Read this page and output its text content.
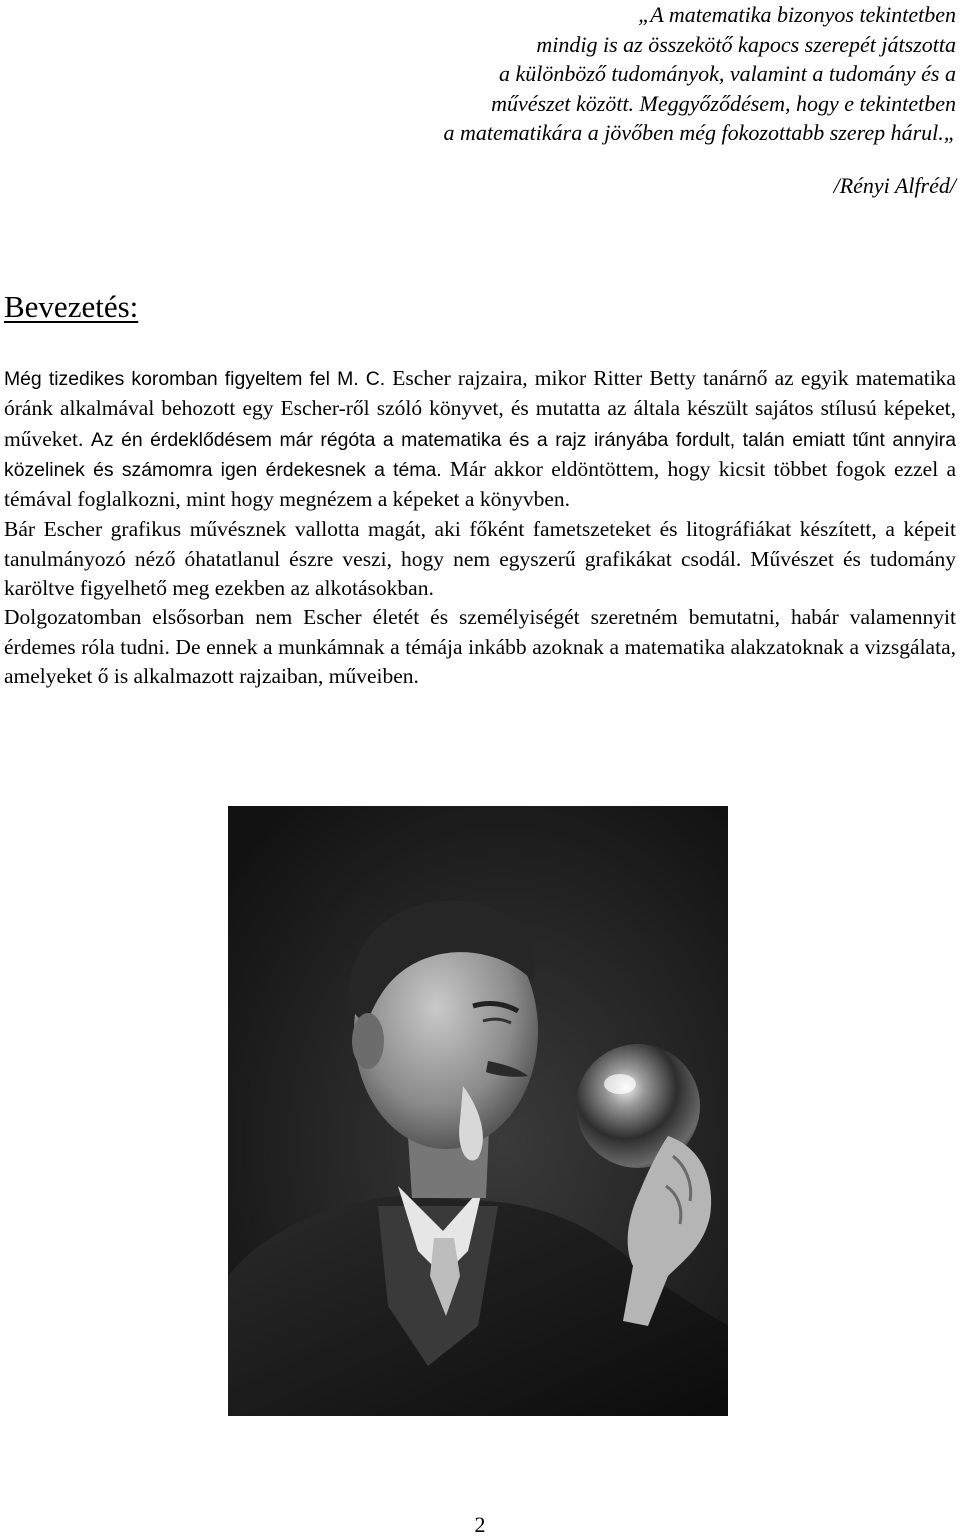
„A matematika bizonyos tekintetben
mindig is az összekötő kapocs szerepét játszotta
a különböző tudományok, valamint a tudomány és a
művészet között. Meggyőződésem, hogy e tekintetben
a matematikára a jövőben még fokozottabb szerep hárul.„
/Rényi Alfréd/
Bevezetés:

Még tizedikes koromban figyeltem fel M. C. Escher rajzaira, mikor Ritter Betty tanárnő az egyik matematika óránk alkalmával behozott egy Escher-ről szóló könyvet, és mutatta az általa készült sajátos stílusú képeket, műveket. Az én érdeklődésem már régóta a matematika és a rajz irányába fordult, talán emiatt tűnt annyira közelinek és számomra igen érdekesnek a téma. Már akkor eldöntöttem, hogy kicsit többet fogok ezzel a témával foglalkozni, mint hogy megnézem a képeket a könyvben.

Bár Escher grafikus művésznek vallotta magát, aki főként fametszeteket és litográfiákat készített, a képeit tanulmányozó néző óhatatlanul észre veszi, hogy nem egyszerű grafikákat csodál. Művészet és tudomány karöltve figyelhető meg ezekben az alkotásokban.

Dolgozatomban elsősorban nem Escher életét és személyiségét szeretném bemutatni, habár valamennyit érdemes róla tudni. De ennek a munkámnak a témája inkább azoknak a matematika alakzatoknak a vizsgálata, amelyeket ő is alkalmazott rajzaiban, műveiben.

2
